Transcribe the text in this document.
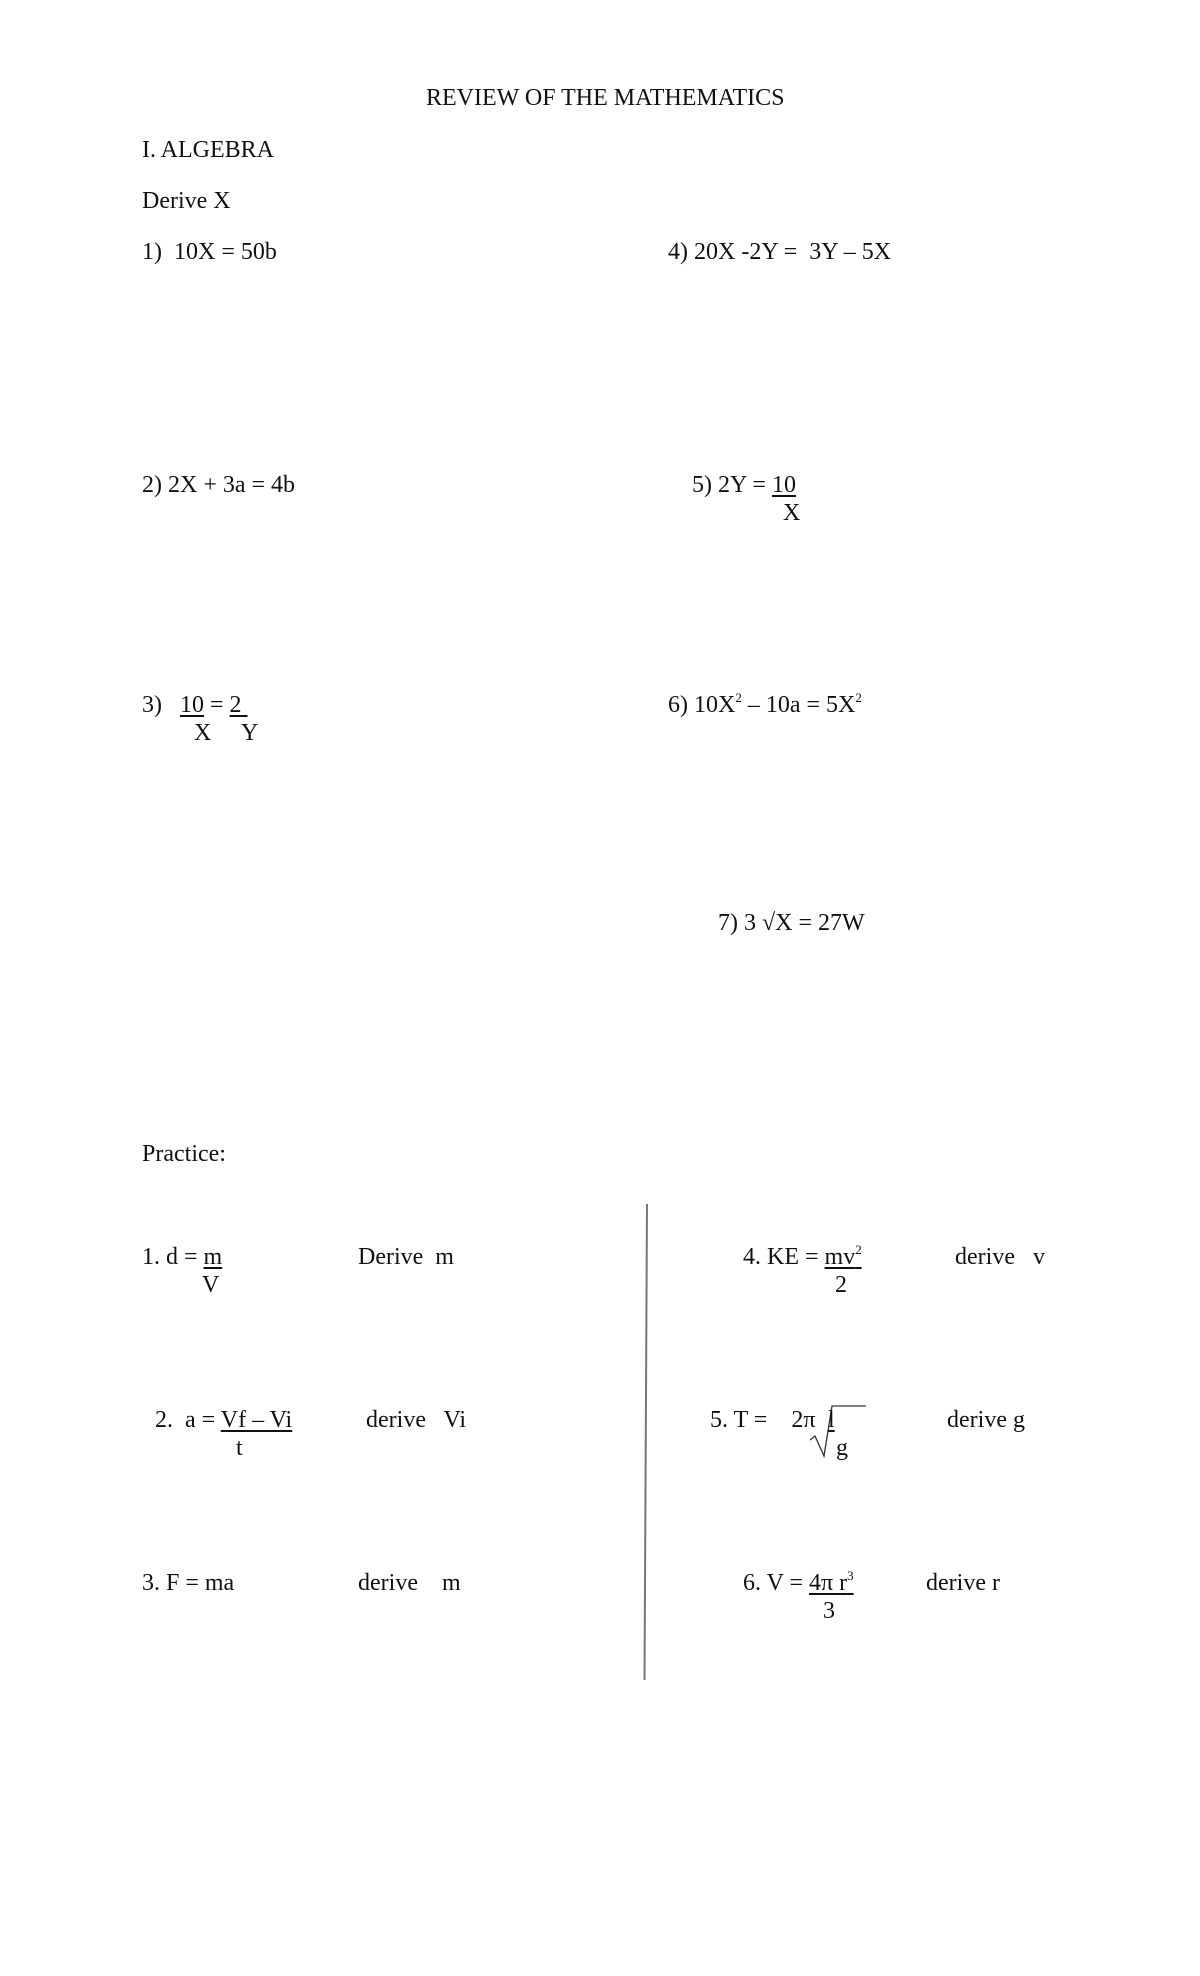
REVIEW OF THE MATHEMATICS
I. ALGEBRA
Derive X
1)  10X = 50b	4) 20X -2Y =  3Y – 5X
2) 2X + 3a = 4b	5) 2Y = 10
X
3) 10 = 2
X Y
6) $10X^2 - 10a = 5X^2$
7) 3 √X = 27W
Practice:
1. d = m
V
Derive  m	4. KE = $mv^2$
2
derive   v
2.  a = Vf – Vi
t
derive   Vi	5. T =    2π l
g
derive g
3. F = ma	derive    m	6. V = 4π $r^3$
3
derive r
